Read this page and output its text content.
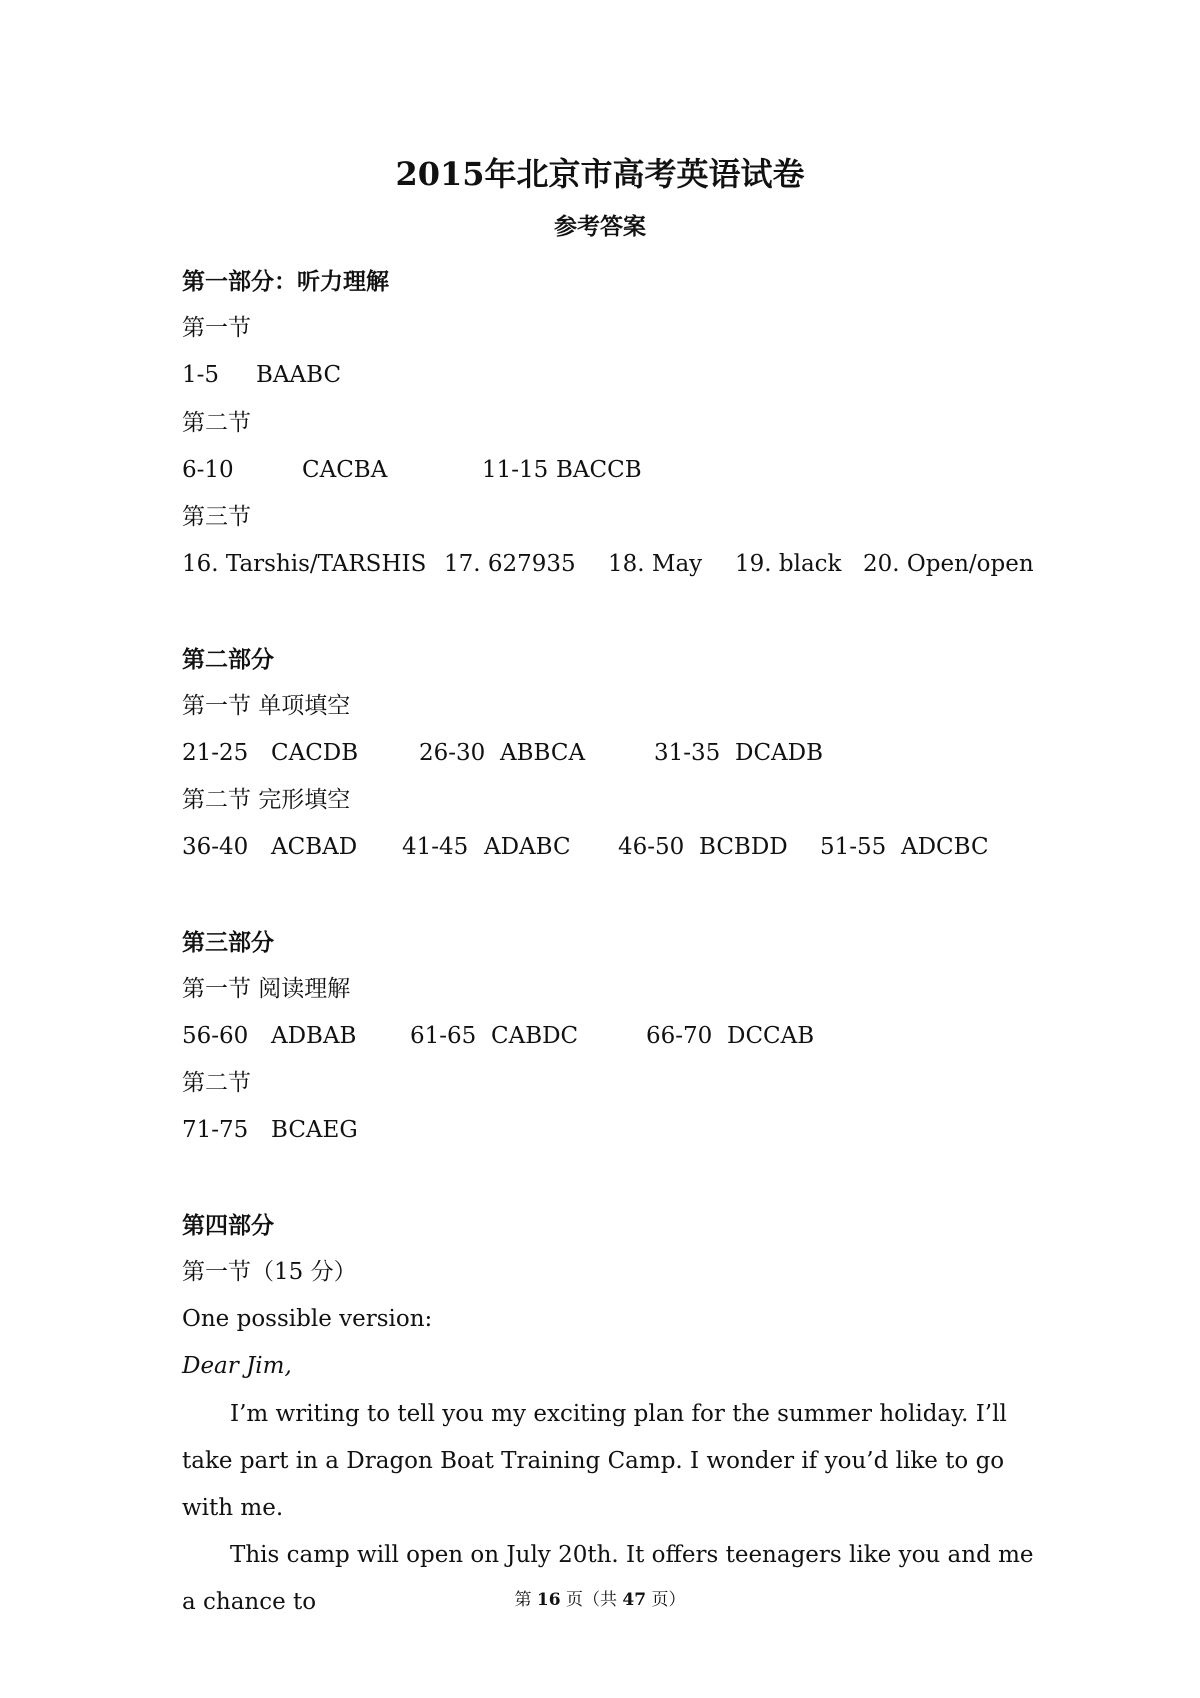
2015年北京市高考英语试卷
参考答案
第一部分：听力理解
第一节
1-5 BAABC
第二节
6-10	CACBA	11-15 BACCB
第三节
16. Tarshis/TARSHIS 17. 627935 18. May 19. black 20. Open/open
第二部分
第一节 单项填空
21-25 CACDB	26-30 ABBCA	31-35 DCADB
第二节 完形填空
36-40 ACBAD 41-45 ADABC 46-50 BCBDD 51-55 ADCBC
第三部分
第一节 阅读理解
56-60 ADBAB 61-65 CABDC	66-70 DCCAB
第二节
71-75 BCAEG
第四部分
第一节（15 分）
One possible version:
Dear Jim,
I’m writing to tell you my exciting plan for the summer holiday. I’ll take part in a Dragon Boat Training Camp. I wonder if you’d like to go with me.
This camp will open on July 20th. It offers teenagers like you and me a chance to	第 16 页（共 47 页）
